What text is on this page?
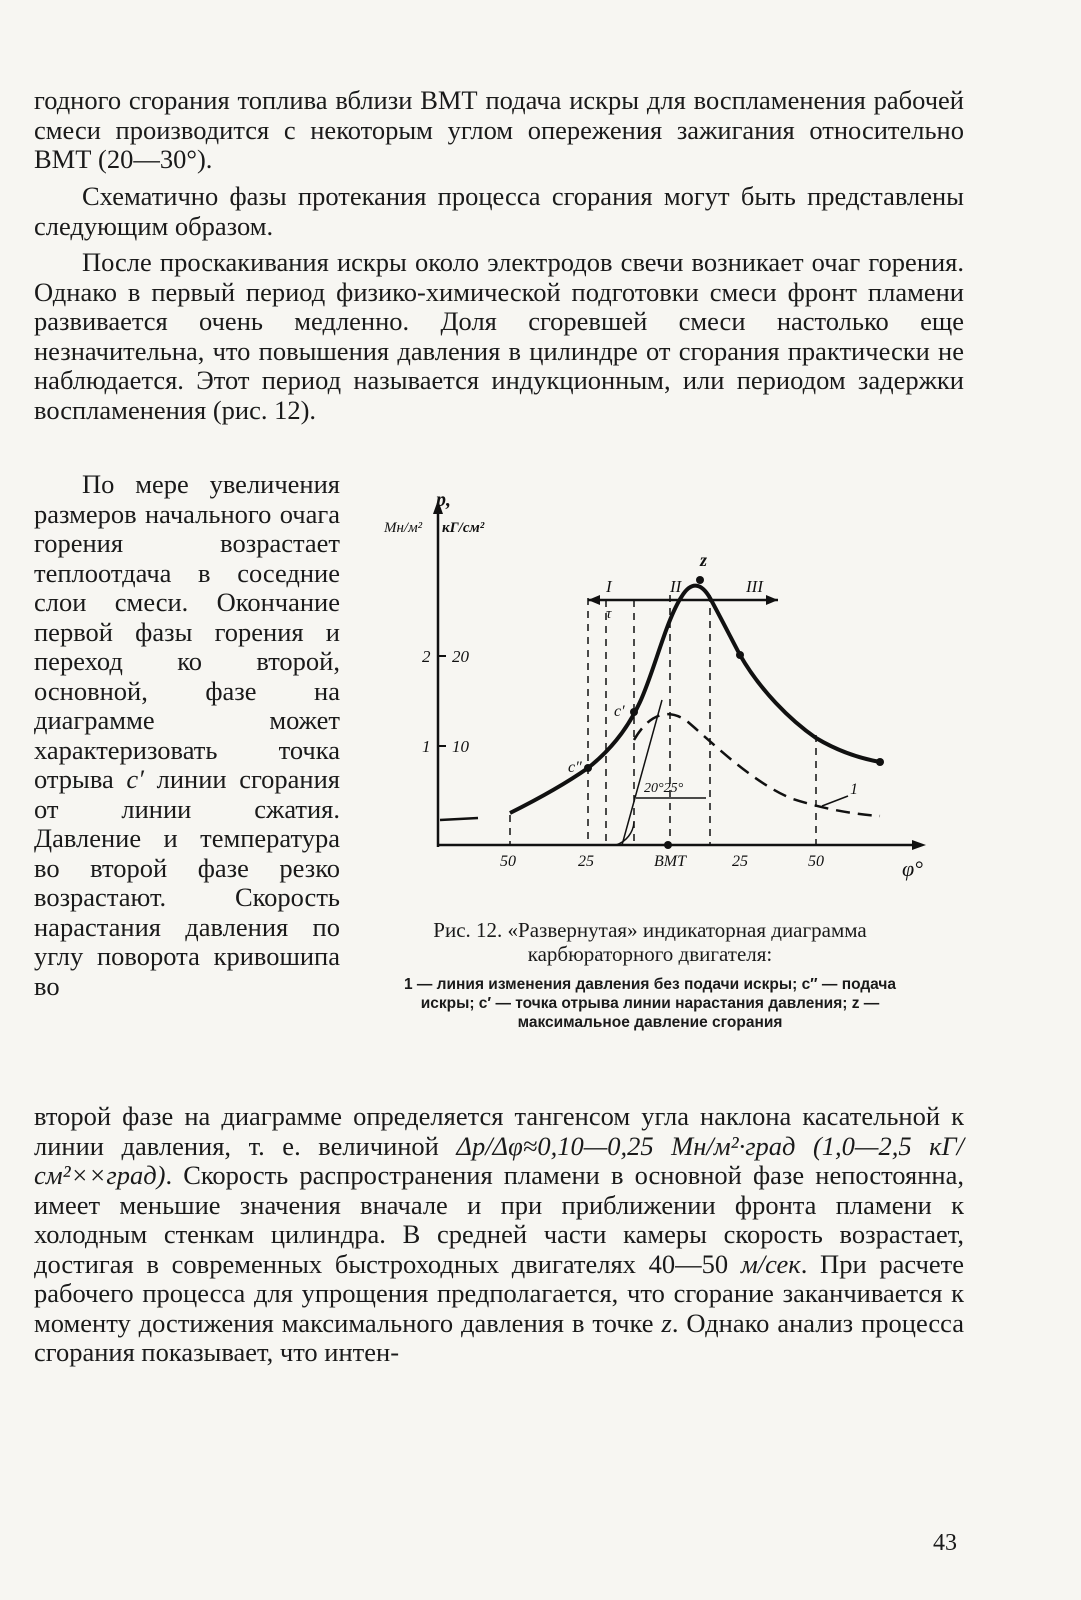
годного сгорания топлива вблизи ВМТ подача искры для воспламенения рабочей смеси производится с некоторым углом опережения зажигания относительно ВМТ (20—30°).

Схематично фазы протекания процесса сгорания могут быть представлены следующим образом.

После проскакивания искры около электродов свечи возникает очаг горения. Однако в первый период физико-химической подготовки смеси фронт пламени развивается очень медленно. Доля сгоревшей смеси настолько еще незначительна, что повышения давления в цилиндре от сгорания практически не наблюдается. Этот период называется индукционным, или периодом задержки воспламенения (рис. 12).

По мере увеличения размеров начального очага горения возрастает теплоотдача в соседние слои смеси. Окончание первой фазы горения и переход ко второй, основной, фазе на диаграмме может характеризовать точка отрыва c′ линии сгорания от линии сжатия. Давление и температура во второй фазе резко возрастают. Скорость нарастания давления по углу поворота кривошипа во

p,
Мн/м² кГ/см²
φ°
2 20
1 10
50	25	ВМТ	25	50
I	II	III
τ
20°25°
c″
c′
z
1

Рис. 12. «Развернутая» индикаторная диаграмма карбюраторного двигателя:

1 — линия изменения давления без подачи искры; c″ — подача искры; c′ — точка отрыва линии нарастания давления; z — максимальное давление сгорания

второй фазе на диаграмме определяется тангенсом угла наклона касательной к линии давления, т. е. величиной Δp/Δφ≈0,10—0,25 Мн/м²·град (1,0—2,5 кГ/см²××град). Скорость распространения пламени в основной фазе непостоянна, имеет меньшие значения вначале и при приближении фронта пламени к холодным стенкам цилиндра. В средней части камеры скорость возрастает, достигая в современных быстроходных двигателях 40—50 м/сек. При расчете рабочего процесса для упрощения предполагается, что сгорание заканчивается к моменту достижения максимального давления в точке z. Однако анализ процесса сгорания показывает, что интен-

43
